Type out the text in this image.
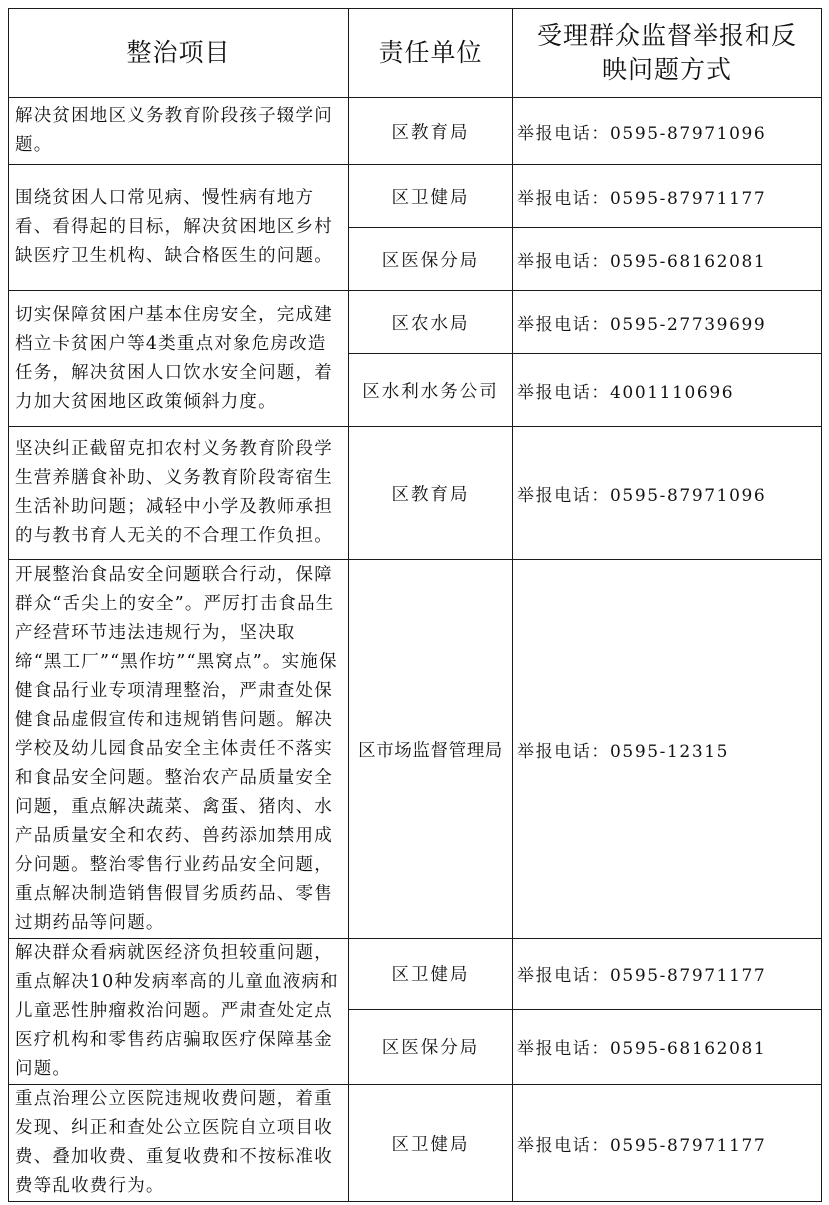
整治项目	责任单位	受理群众监督举报和反映问题方式
解决贫困地区义务教育阶段孩子辍学问题。	区教育局	举报电话：0595-87971096
围绕贫困人口常见病、慢性病有地方看、看得起的目标，解决贫困地区乡村缺医疗卫生机构、缺合格医生的问题。	区卫健局	举报电话：0595-87971177
	区医保分局	举报电话：0595-68162081
切实保障贫困户基本住房安全，完成建档立卡贫困户等4类重点对象危房改造任务，解决贫困人口饮水安全问题，着力加大贫困地区政策倾斜力度。	区农水局	举报电话：0595-27739699
	区水利水务公司	举报电话：4001110696
坚决纠正截留克扣农村义务教育阶段学生营养膳食补助、义务教育阶段寄宿生生活补助问题；减轻中小学及教师承担的与教书育人无关的不合理工作负担。	区教育局	举报电话：0595-87971096
开展整治食品安全问题联合行动，保障群众“舌尖上的安全”。严厉打击食品生产经营环节违法违规行为，坚决取缔“黑工厂”“黑作坊”“黑窝点”。实施保健食品行业专项清理整治，严肃查处保健食品虚假宣传和违规销售问题。解决学校及幼儿园食品安全主体责任不落实和食品安全问题。整治农产品质量安全问题，重点解决蔬菜、禽蛋、猪肉、水产品质量安全和农药、兽药添加禁用成分问题。整治零售行业药品安全问题，重点解决制造销售假冒劣质药品、零售过期药品等问题。	区市场监督管理局	举报电话：0595-12315
解决群众看病就医经济负担较重问题，重点解决10种发病率高的儿童血液病和儿童恶性肿瘤救治问题。严肃查处定点医疗机构和零售药店骗取医疗保障基金问题。	区卫健局	举报电话：0595-87971177
	区医保分局	举报电话：0595-68162081
重点治理公立医院违规收费问题，着重发现、纠正和查处公立医院自立项目收费、叠加收费、重复收费和不按标准收费等乱收费行为。	区卫健局	举报电话：0595-87971177
